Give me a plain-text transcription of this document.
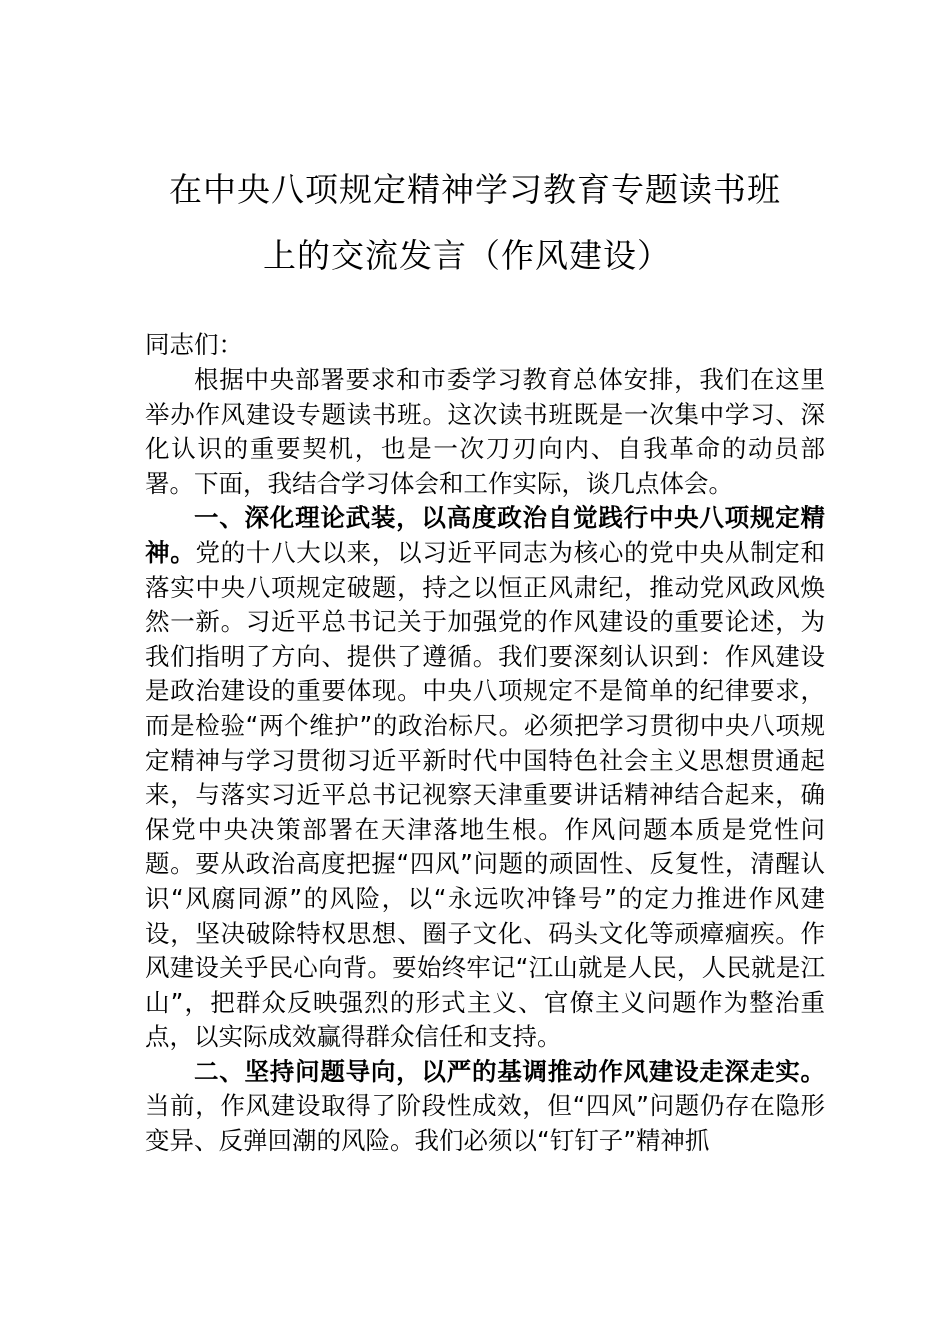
在中央八项规定精神学习教育专题读书班
上的交流发言（作风建设）
同志们：

根据中央部署要求和市委学习教育总体安排，我们在这里举办作风建设专题读书班。这次读书班既是一次集中学习、深化认识的重要契机，也是一次刀刃向内、自我革命的动员部署。下面，我结合学习体会和工作实际，谈几点体会。

一、深化理论武装，以高度政治自觉践行中央八项规定精神。党的十八大以来，以习近平同志为核心的党中央从制定和落实中央八项规定破题，持之以恒正风肃纪，推动党风政风焕然一新。习近平总书记关于加强党的作风建设的重要论述，为我们指明了方向、提供了遵循。我们要深刻认识到：作风建设是政治建设的重要体现。中央八项规定不是简单的纪律要求，而是检验“两个维护”的政治标尺。必须把学习贯彻中央八项规定精神与学习贯彻习近平新时代中国特色社会主义思想贯通起来，与落实习近平总书记视察天津重要讲话精神结合起来，确保党中央决策部署在天津落地生根。作风问题本质是党性问题。要从政治高度把握“四风”问题的顽固性、反复性，清醒认识“风腐同源”的风险，以“永远吹冲锋号”的定力推进作风建设，坚决破除特权思想、圈子文化、码头文化等顽瘴痼疾。作风建设关乎民心向背。要始终牢记“江山就是人民，人民就是江山”，把群众反映强烈的形式主义、官僚主义问题作为整治重点，以实际成效赢得群众信任和支持。

二、坚持问题导向，以严的基调推动作风建设走深走实。当前，作风建设取得了阶段性成效，但“四风”问题仍存在隐形变异、反弹回潮的风险。我们必须以“钉钉子”精神抓
